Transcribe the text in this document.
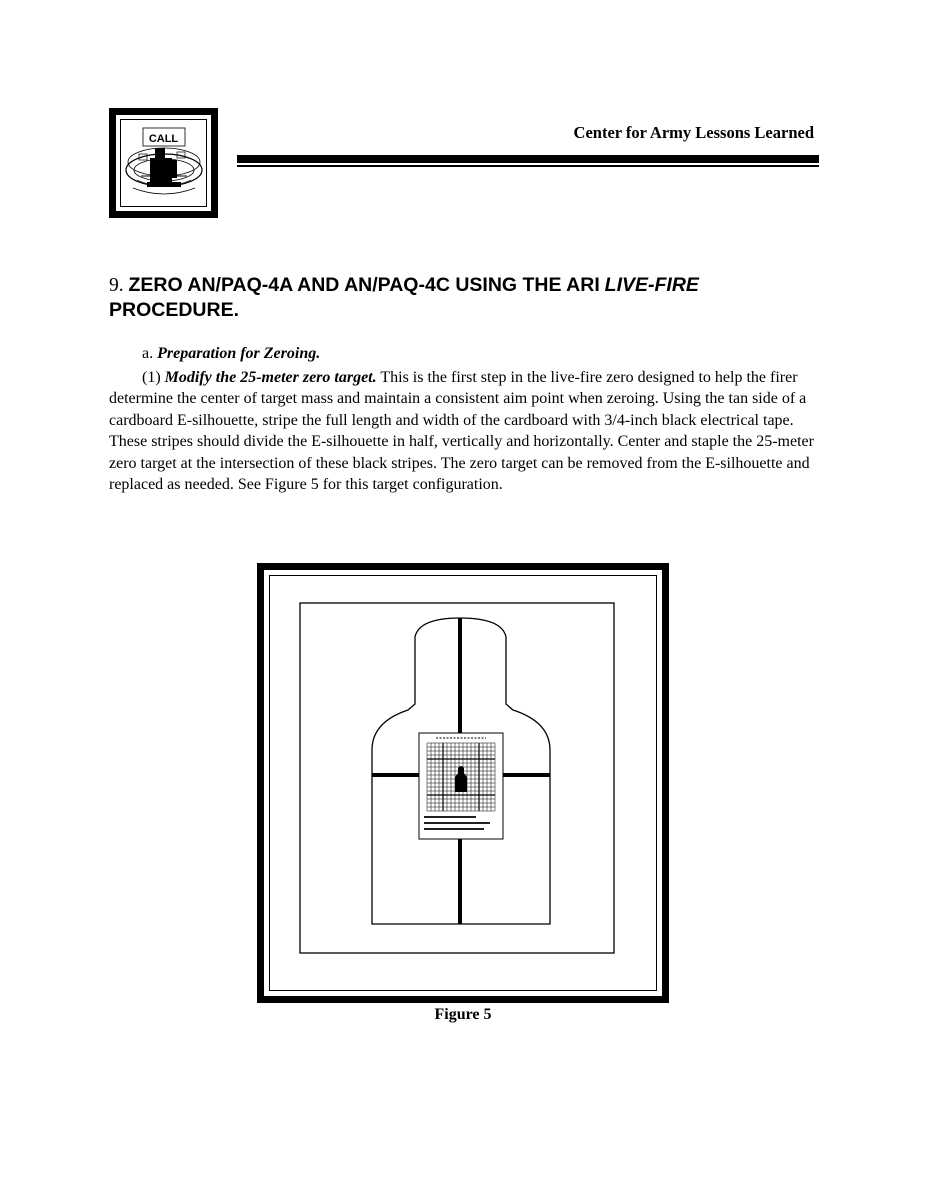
CALL	Center for Army Lessons Learned
9. ZERO AN/PAQ-4A AND AN/PAQ-4C USING THE ARI LIVE-FIRE
PROCEDURE.
a. Preparation for Zeroing.
(1) Modify the 25-meter zero target. This is the first step in the live-fire zero designed to help the firer determine the center of target mass and maintain a consistent aim point when zeroing. Using the tan side of a cardboard E-silhouette, stripe the full length and width of the cardboard with 3/4-inch black electrical tape. These stripes should divide the E-silhouette in half, vertically and horizontally. Center and staple the 25-meter zero target at the intersection of these black stripes. The zero target can be removed from the E-silhouette and replaced as needed. See Figure 5 for this target configuration.
Figure 5
